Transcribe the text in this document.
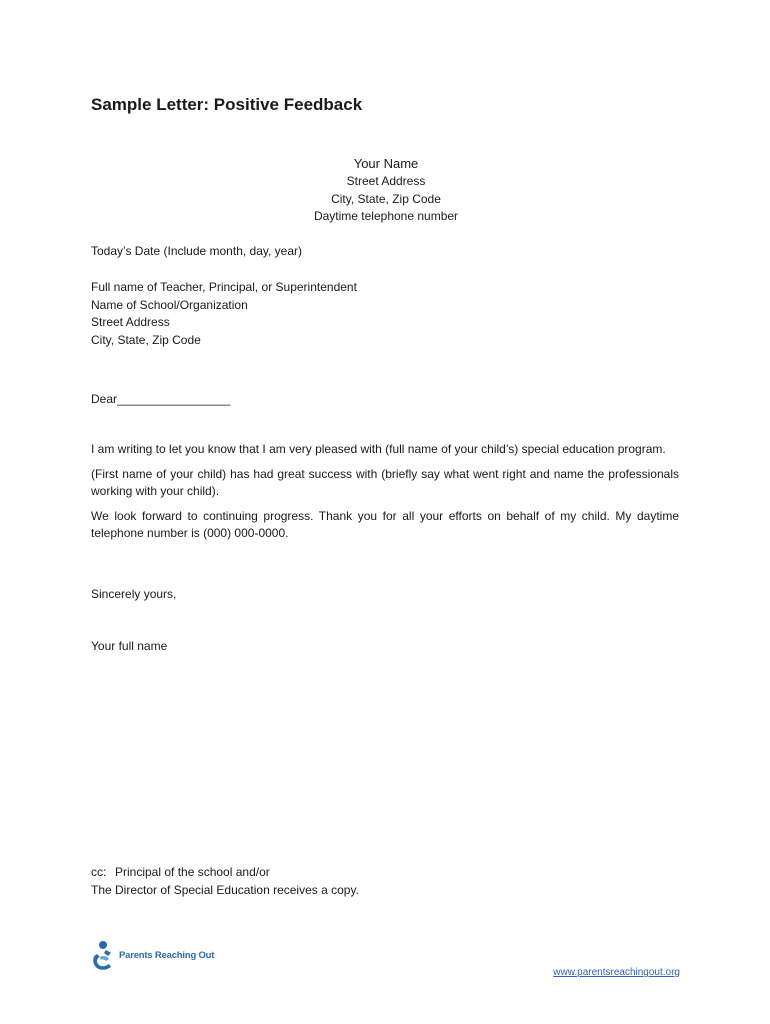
Sample Letter: Positive Feedback
Your Name
Street Address
City, State, Zip Code
Daytime telephone number
Today’s Date (Include month, day, year)
Full name of Teacher, Principal, or Superintendent
Name of School/Organization
Street Address
City, State, Zip Code
Dear_________________

I am writing to let you know that I am very pleased with (full name of your child’s) special education program.

(First name of your child) has had great success with (briefly say what went right and name the professionals working with your child).

We look forward to continuing progress. Thank you for all your efforts on behalf of my child. My daytime telephone number is (000) 000-0000.

Sincerely yours,
Your full name
cc: Principal of the school and/or
The Director of Special Education receives a copy.
Parents Reaching Out
www.parentsreachingout.org
